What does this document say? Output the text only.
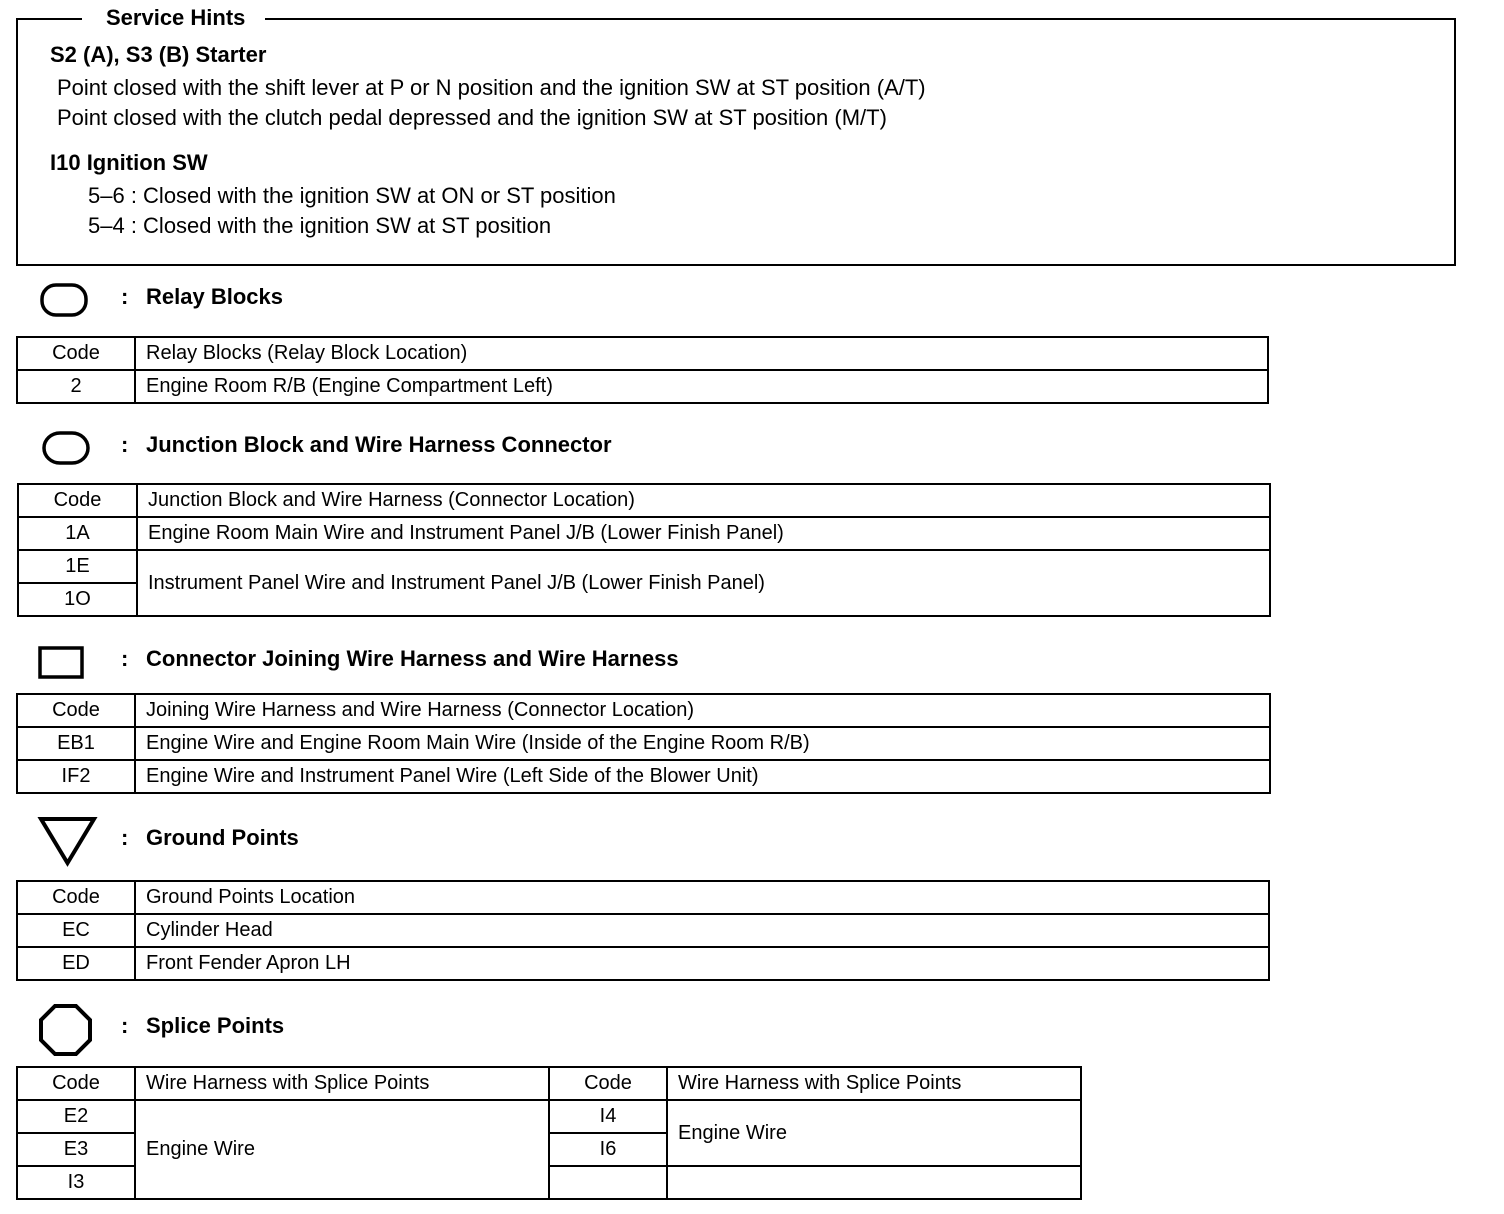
Service Hints
S2 (A), S3 (B) Starter
Point closed with the shift lever at P or N position and the ignition SW at ST position (A/T)
Point closed with the clutch pedal depressed and the ignition SW at ST position (M/T)
I10 Ignition SW
5–6 : Closed with the ignition SW at ON or ST position
5–4 : Closed with the ignition SW at ST position
: Relay Blocks
Code	Relay Blocks (Relay Block Location)
2	Engine Room R/B (Engine Compartment Left)
: Junction Block and Wire Harness Connector
Code	Junction Block and Wire Harness (Connector Location)
1A	Engine Room Main Wire and Instrument Panel J/B (Lower Finish Panel)
1E	Instrument Panel Wire and Instrument Panel J/B (Lower Finish Panel)
1O	
: Connector Joining Wire Harness and Wire Harness
Code	Joining Wire Harness and Wire Harness (Connector Location)
EB1	Engine Wire and Engine Room Main Wire (Inside of the Engine Room R/B)
IF2	Engine Wire and Instrument Panel Wire (Left Side of the Blower Unit)
: Ground Points
Code	Ground Points Location
EC	Cylinder Head
ED	Front Fender Apron LH
: Splice Points
Code	Wire Harness with Splice Points	Code	Wire Harness with Splice Points
E2	Engine Wire	I4	Engine Wire
E3		I6	
I3			
